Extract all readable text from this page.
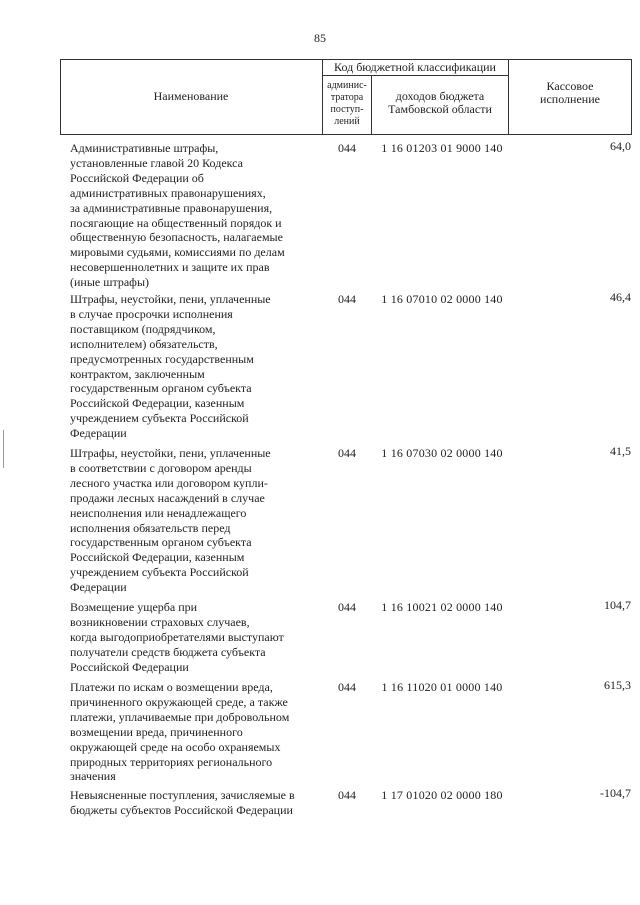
85
Наименование
Код бюджетной классификации
админис-
тратора
поступ-
лений
доходов бюджета
Тамбовской области
Кассовое
исполнение
Административные штрафы,
установленные главой 20 Кодекса
Российской Федерации об
административных правонарушениях,
за административные правонарушения,
посягающие на общественный порядок и
общественную безопасность, налагаемые
мировыми судьями, комиссиями по делам
несовершеннолетних и защите их прав
(иные штрафы)
044	1 16 01203 01 9000 140	64,0
Штрафы, неустойки, пени, уплаченные
в случае просрочки исполнения
поставщиком (подрядчиком,
исполнителем) обязательств,
предусмотренных государственным
контрактом, заключенным
государственным органом субъекта
Российской Федерации, казенным
учреждением субъекта Российской
Федерации
044	1 16 07010 02 0000 140	46,4
Штрафы, неустойки, пени, уплаченные
в соответствии с договором аренды
лесного участка или договором купли-
продажи лесных насаждений в случае
неисполнения или ненадлежащего
исполнения обязательств перед
государственным органом субъекта
Российской Федерации, казенным
учреждением субъекта Российской
Федерации
044	1 16 07030 02 0000 140	41,5
Возмещение ущерба при
возникновении страховых случаев,
когда выгодоприобретателями выступают
получатели средств бюджета субъекта
Российской Федерации
044	1 16 10021 02 0000 140	104,7
Платежи по искам о возмещении вреда,
причиненного окружающей среде, а также
платежи, уплачиваемые при добровольном
возмещении вреда, причиненного
окружающей среде на особо охраняемых
природных территориях регионального
значения
044	1 16 11020 01 0000 140	615,3
Невыясненные поступления, зачисляемые в
бюджеты субъектов Российской Федерации
044	1 17 01020 02 0000 180	-104,7
